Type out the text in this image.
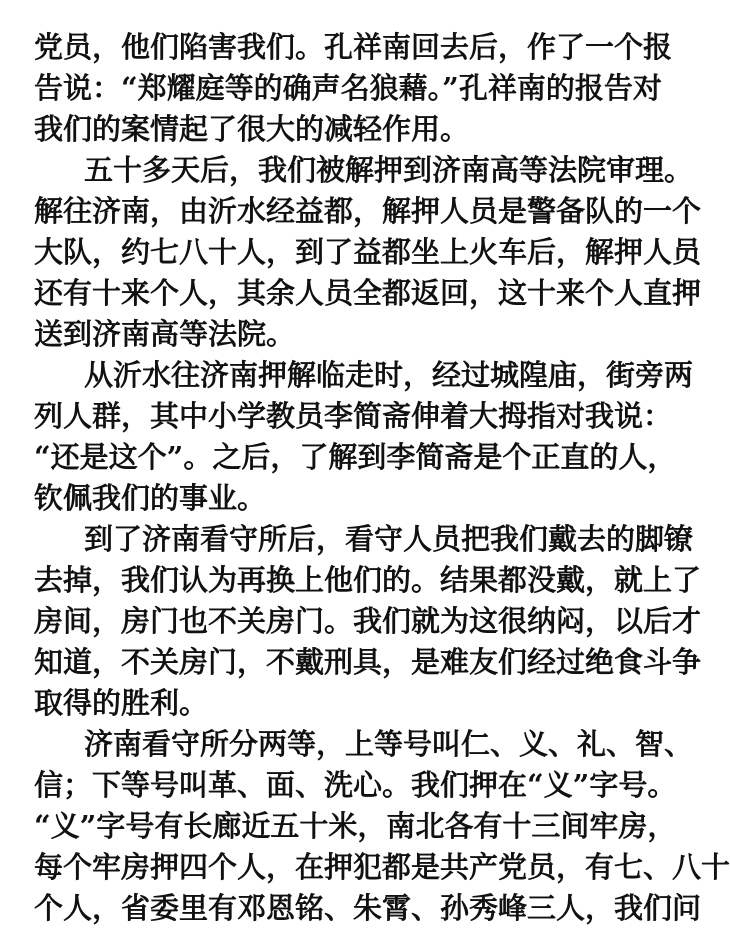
党员，他们陷害我们。孔祥南回去后，作了一个报
告说：“郑耀庭等的确声名狼藉。”孔祥南的报告对
我们的案情起了很大的减轻作用。
五十多天后，我们被解押到济南高等法院审理。
解往济南，由沂水经益都，解押人员是警备队的一个
大队，约七八十人，到了益都坐上火车后，解押人员
还有十来个人，其余人员全都返回，这十来个人直押
送到济南高等法院。
从沂水往济南押解临走时，经过城隍庙，街旁两
列人群，其中小学教员李简斋伸着大拇指对我说：
“还是这个”。之后，了解到李简斋是个正直的人，
钦佩我们的事业。
到了济南看守所后，看守人员把我们戴去的脚镣
去掉，我们认为再换上他们的。结果都没戴，就上了
房间，房门也不关房门。我们就为这很纳闷，以后才
知道，不关房门，不戴刑具，是难友们经过绝食斗争
取得的胜利。
济南看守所分两等，上等号叫仁、义、礼、智、
信；下等号叫革、面、洗心。我们押在“义”字号。
“义”字号有长廊近五十米，南北各有十三间牢房，
每个牢房押四个人，在押犯都是共产党员，有七、八十
个人，省委里有邓恩铭、朱霄、孙秀峰三人，我们问
